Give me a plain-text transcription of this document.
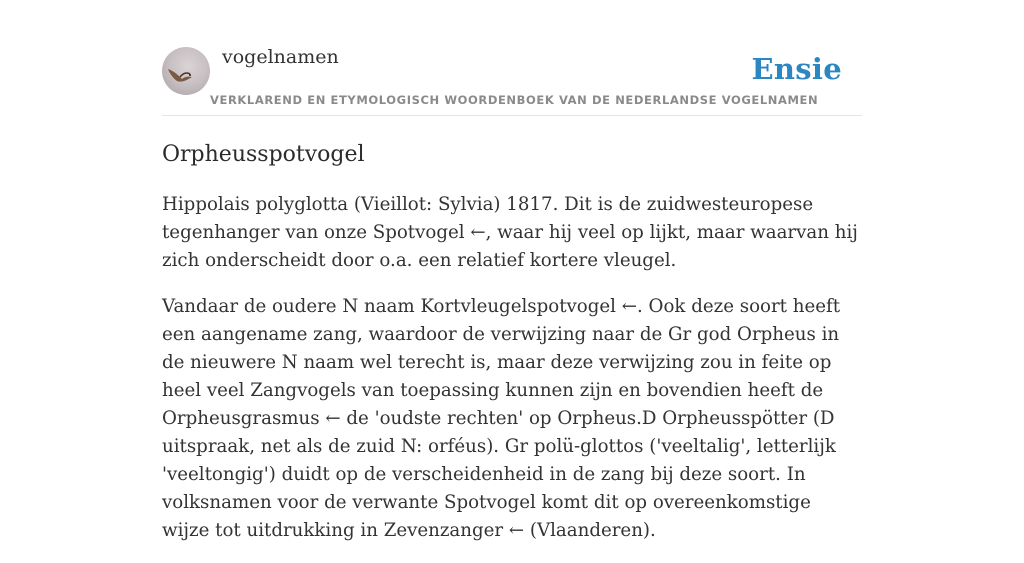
vogelnamen	Ensie
VERKLAREND EN ETYMOLOGISCH WOORDENBOEK VAN DE NEDERLANDSE VOGELNAMEN
Orpheusspotvogel

Hippolais polyglotta (Vieillot: Sylvia) 1817. Dit is de zuidwesteuropese tegenhanger van onze Spotvogel ←, waar hij veel op lijkt, maar waarvan hij zich onderscheidt door o.a. een relatief kortere vleugel.

Vandaar de oudere N naam Kortvleugelspotvogel ←. Ook deze soort heeft een aangename zang, waardoor de verwijzing naar de Gr god Orpheus in de nieuwere N naam wel terecht is, maar deze verwijzing zou in feite op heel veel Zangvogels van toepassing kunnen zijn en bovendien heeft de Orpheusgrasmus ← de 'oudste rechten' op Orpheus.D Orpheusspötter (D uitspraak, net als de zuid N: orféus). Gr polü-glottos ('veeltalig', letterlijk 'veeltongig') duidt op de verscheidenheid in de zang bij deze soort. In volksnamen voor de verwante Spotvogel komt dit op overeenkomstige wijze tot uitdrukking in Zevenzanger ← (Vlaanderen).
